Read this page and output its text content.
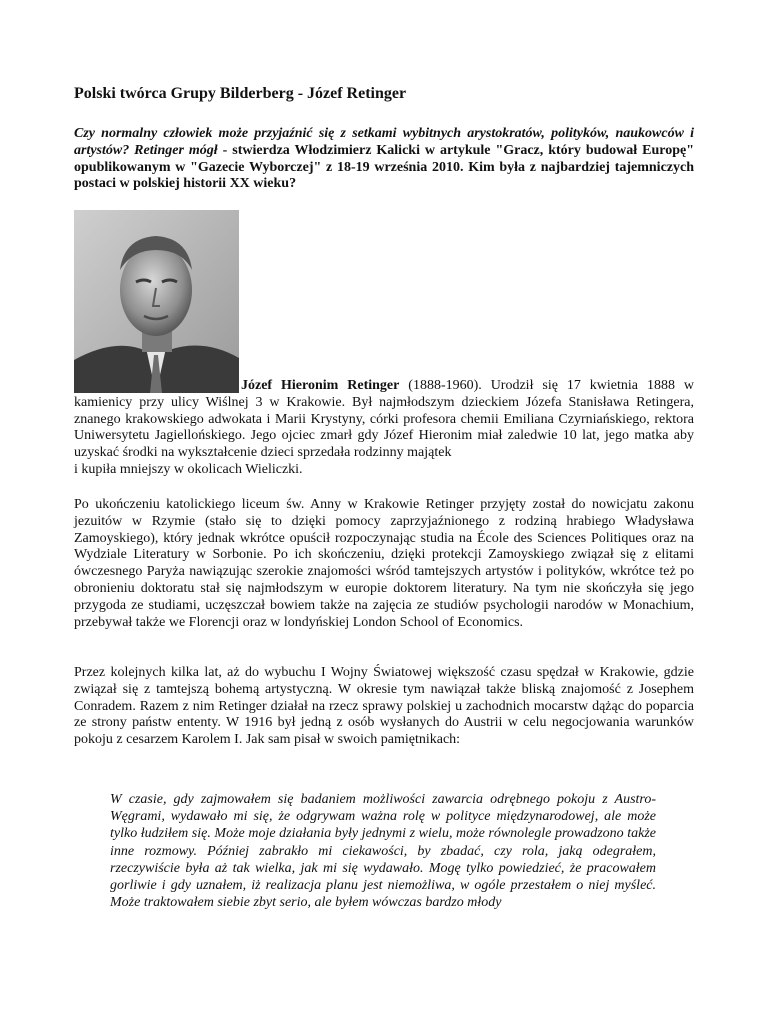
Polski twórca Grupy Bilderberg - Józef Retinger

Czy normalny człowiek może przyjaźnić się z setkami wybitnych arystokratów, polityków, naukowców i artystów? Retinger mógł - stwierdza Włodzimierz Kalicki w artykule "Gracz, który budował Europę" opublikowanym w "Gazecie Wyborczej" z 18-19 września 2010. Kim była z najbardziej tajemniczych postaci w polskiej historii XX wieku?

Józef Hieronim Retinger (1888-1960). Urodził się 17 kwietnia 1888 w kamienicy przy ulicy Wiślnej 3 w Krakowie. Był najmłodszym dzieckiem Józefa Stanisława Retingera, znanego krakowskiego adwokata i Marii Krystyny, córki profesora chemii Emiliana Czyrniańskiego, rektora Uniwersytetu Jagiellońskiego. Jego ojciec zmarł gdy Józef Hieronim miał zaledwie 10 lat, jego matka aby uzyskać środki na wykształcenie dzieci sprzedała rodzinny majątek

i kupiła mniejszy w okolicach Wieliczki.

Po ukończeniu katolickiego liceum św. Anny w Krakowie Retinger przyjęty został do nowicjatu zakonu jezuitów w Rzymie (stało się to dzięki pomocy zaprzyjaźnionego z rodziną hrabiego Władysława Zamoyskiego), który jednak wkrótce opuścił rozpoczynając studia na École des Sciences Politiques oraz na Wydziale Literatury w Sorbonie. Po ich skończeniu, dzięki protekcji Zamoyskiego związał się z elitami ówczesnego Paryża nawiązując szerokie znajomości wśród tamtejszych artystów i polityków, wkrótce też po obronieniu doktoratu stał się najmłodszym w europie doktorem literatury. Na tym nie skończyła się jego przygoda ze studiami, uczęszczał bowiem także na zajęcia ze studiów psychologii narodów w Monachium, przebywał także we Florencji oraz w londyńskiej London School of Economics.

Przez kolejnych kilka lat, aż do wybuchu I Wojny Światowej większość czasu spędzał w Krakowie, gdzie związał się z tamtejszą bohemą artystyczną. W okresie tym nawiązał także bliską znajomość z Josephem Conradem. Razem z nim Retinger działał na rzecz sprawy polskiej u zachodnich mocarstw dążąc do poparcia ze strony państw ententy. W 1916 był jedną z osób wysłanych do Austrii w celu negocjowania warunków pokoju z cesarzem Karolem I. Jak sam pisał w swoich pamiętnikach:

W czasie, gdy zajmowałem się badaniem możliwości zawarcia odrębnego pokoju z Austro-Węgrami, wydawało mi się, że odgrywam ważna rolę w polityce międzynarodowej, ale może tylko łudziłem się. Może moje działania były jednymi z wielu, może równolegle prowadzono także inne rozmowy. Później zabrakło mi ciekawości, by zbadać, czy rola, jaką odegrałem, rzeczywiście była aż tak wielka, jak mi się wydawało. Mogę tylko powiedzieć, że pracowałem gorliwie i gdy uznałem, iż realizacja planu jest niemożliwa, w ogóle przestałem o niej myśleć. Może traktowałem siebie zbyt serio, ale byłem wówczas bardzo młody
